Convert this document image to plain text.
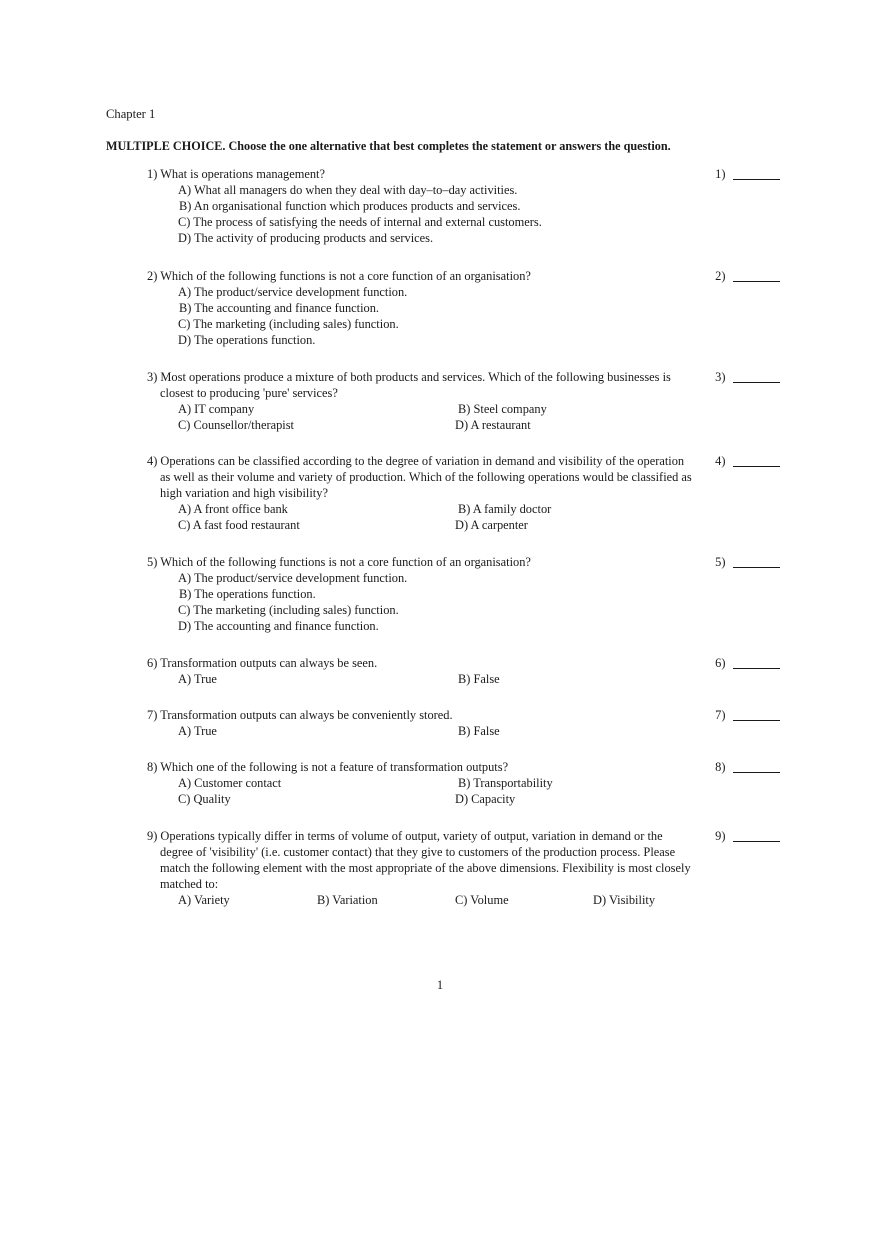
Chapter 1
MULTIPLE CHOICE. Choose the one alternative that best completes the statement or answers the question.
1) What is operations management?
A) What all managers do when they deal with day–to–day activities.
B) An organisational function which produces products and services.
C) The process of satisfying the needs of internal and external customers.
D) The activity of producing products and services.
1)
2) Which of the following functions is not a core function of an organisation?
A) The product/service development function.
B) The accounting and finance function.
C) The marketing (including sales) function.
D) The operations function.
2)
3) Most operations produce a mixture of both products and services. Which of the following businesses is closest to producing 'pure' services?
A) IT company	B) Steel company
C) Counsellor/therapist	D) A restaurant
3)
4) Operations can be classified according to the degree of variation in demand and visibility of the operation as well as their volume and variety of production. Which of the following operations would be classified as high variation and high visibility?
A) A front office bank	B) A family doctor
C) A fast food restaurant	D) A carpenter
4)
5) Which of the following functions is not a core function of an organisation?
A) The product/service development function.
B) The operations function.
C) The marketing (including sales) function.
D) The accounting and finance function.
5)
6) Transformation outputs can always be seen.
A) True	B) False
6)
7) Transformation outputs can always be conveniently stored.
A) True	B) False
7)
8) Which one of the following is not a feature of transformation outputs?
A) Customer contact	B) Transportability
C) Quality	D) Capacity
8)
9) Operations typically differ in terms of volume of output, variety of output, variation in demand or the degree of 'visibility' (i.e. customer contact) that they give to customers of the production process. Please match the following element with the most appropriate of the above dimensions. Flexibility is most closely matched to:
A) Variety	B) Variation	C) Volume	D) Visibility
9)
1
